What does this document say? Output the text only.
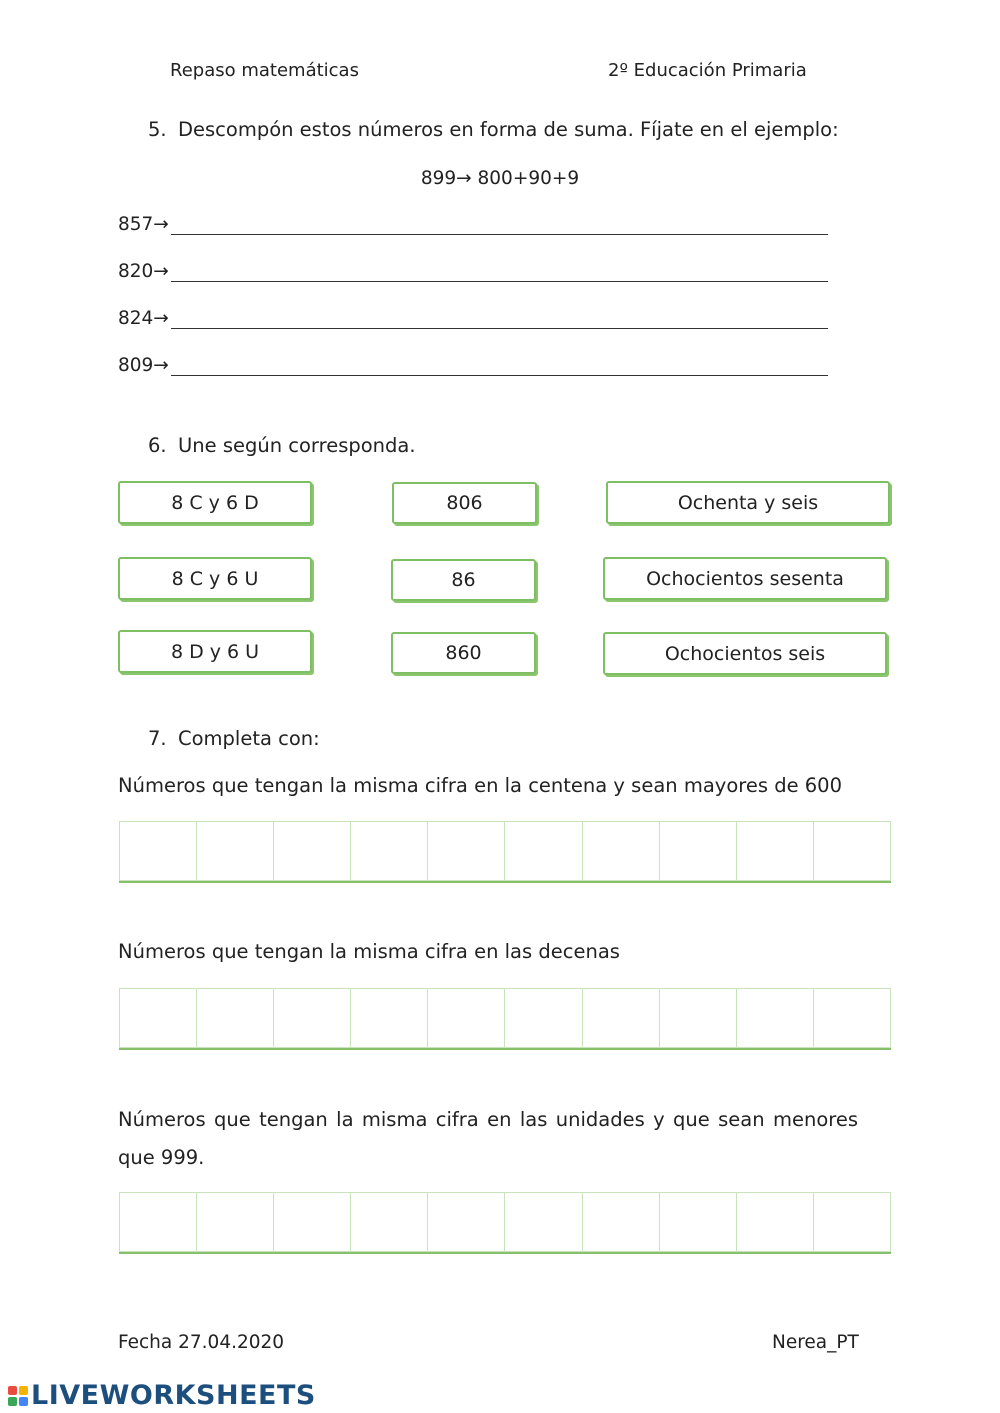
Repaso matemáticas	2º Educación Primaria
5. Descompón estos números en forma de suma. Fíjate en el ejemplo:
899→ 800+90+9
857→
820→
824→
809→
6. Une según corresponda.
8 C y 6 D
8 C y 6 U
8 D y 6 U
806
86
860
Ochenta y seis
Ochocientos sesenta
Ochocientos seis
7. Completa con:
Números que tengan la misma cifra en la centena y sean mayores de 600
Números que tengan la misma cifra en las decenas
Números que tengan la misma cifra en las unidades y que sean menores que 999.
Fecha 27.04.2020	Nerea_PT
LIVEWORKSHEETS
